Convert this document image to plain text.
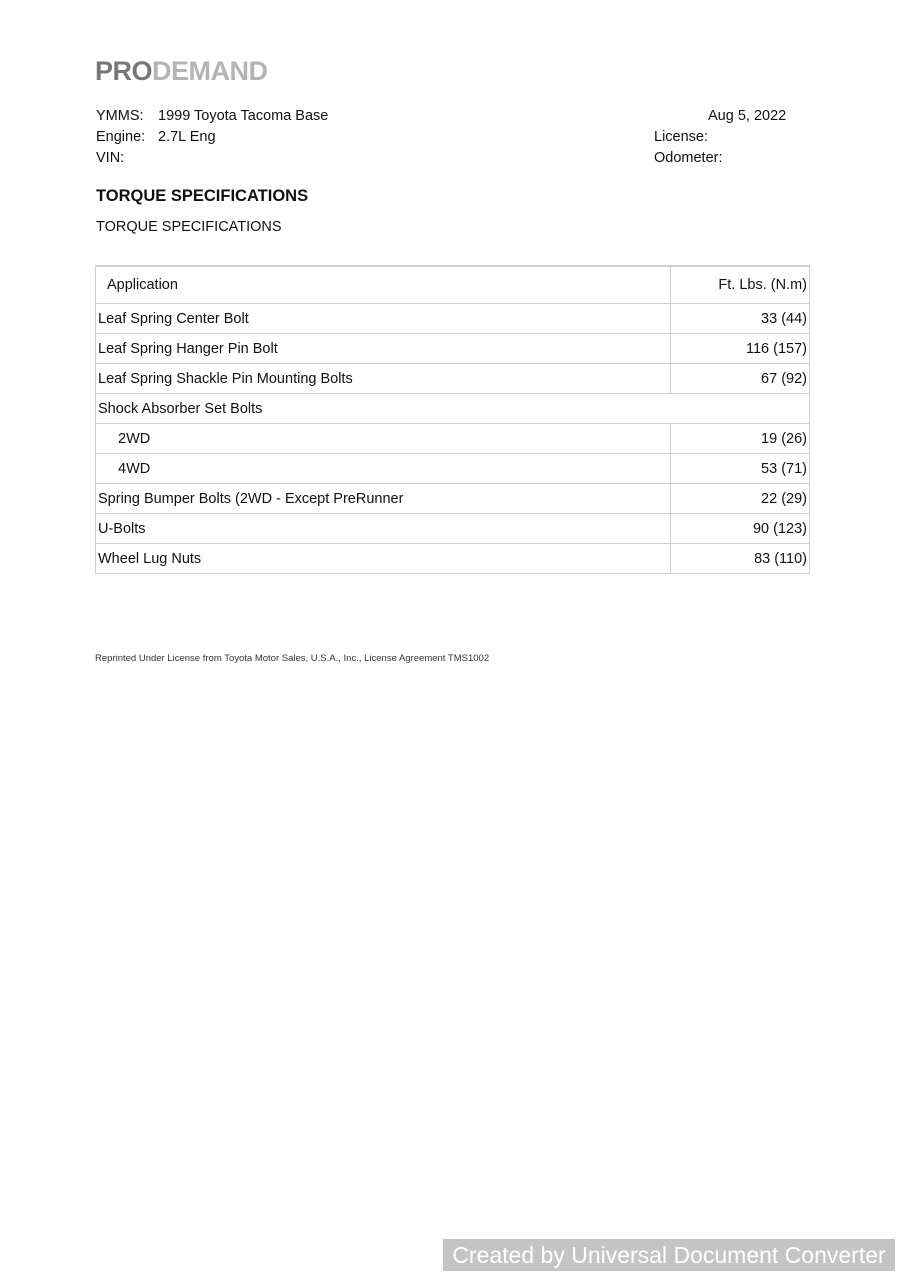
PRODEMAND
YMMS: 1999 Toyota Tacoma Base
Engine: 2.7L Eng
VIN:
Aug 5, 2022
License:
Odometer:
TORQUE SPECIFICATIONS
TORQUE SPECIFICATIONS
Application	Ft. Lbs. (N.m)
Leaf Spring Center Bolt	33 (44)
Leaf Spring Hanger Pin Bolt	116 (157)
Leaf Spring Shackle Pin Mounting Bolts	67 (92)
Shock Absorber Set Bolts	
2WD	19 (26)
4WD	53 (71)
Spring Bumper Bolts (2WD - Except PreRunner	22 (29)
U-Bolts	90 (123)
Wheel Lug Nuts	83 (110)
Reprinted Under License from Toyota Motor Sales, U.S.A., Inc., License Agreement TMS1002
Created by Universal Document Converter
